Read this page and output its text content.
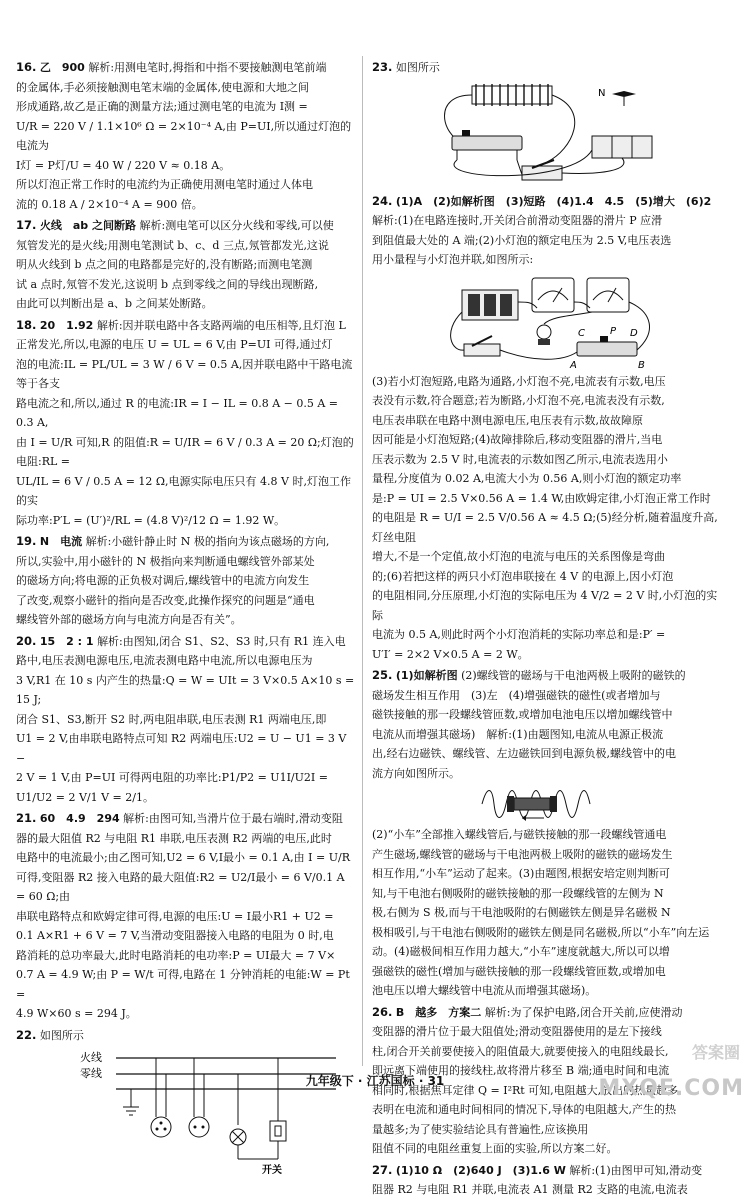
16. 乙　900 解析:用测电笔时,拇指和中指不要接触测电笔前端
的金属体,手必须接触测电笔末端的金属体,使电源和大地之间
形成通路,故乙是正确的测量方法;通过测电笔的电流为 I测 =
U/R = 220 V / 1.1×10⁶ Ω = 2×10⁻⁴ A,由 P=UI,所以通过灯泡的电流为
I灯 = P灯/U = 40 W / 220 V ≈ 0.18 A。
所以灯泡正常工作时的电流约为正确使用测电笔时通过人体电
流的 0.18 A / 2×10⁻⁴ A = 900 倍。
17. 火线　ab 之间断路 解析:测电笔可以区分火线和零线,可以使
氖管发光的是火线;用测电笔测试 b、c、d 三点,氖管都发光,这说
明从火线到 b 点之间的电路都是完好的,没有断路;而测电笔测
试 a 点时,氖管不发光,这说明 b 点到零线之间的导线出现断路,
由此可以判断出是 a、b 之间某处断路。
18. 20　1.92 解析:因并联电路中各支路两端的电压相等,且灯泡 L
正常发光,所以,电源的电压 U = UL = 6 V,由 P=UI 可得,通过灯
泡的电流:IL = PL/UL = 3 W / 6 V = 0.5 A,因并联电路中干路电流等于各支
路电流之和,所以,通过 R 的电流:IR = I − IL = 0.8 A − 0.5 A = 0.3 A,
由 I = U/R 可知,R 的阻值:R = U/IR = 6 V / 0.3 A = 20 Ω;灯泡的电阻:RL =
UL/IL = 6 V / 0.5 A = 12 Ω,电源实际电压只有 4.8 V 时,灯泡工作的实
际功率:P′L = (U′)²/RL = (4.8 V)²/12 Ω = 1.92 W。
19. N　电流 解析:小磁针静止时 N 极的指向为该点磁场的方向,
所以,实验中,用小磁针的 N 极指向来判断通电螺线管外部某处
的磁场方向;将电源的正负极对调后,螺线管中的电流方向发生
了改变,观察小磁针的指向是否改变,此操作探究的问题是“通电
螺线管外部的磁场方向与电流方向是否有关”。
20. 15　2 : 1 解析:由图知,闭合 S1、S2、S3 时,只有 R1 连入电
路中,电压表测电源电压,电流表测电路中电流,所以电源电压为
3 V,R1 在 10 s 内产生的热量:Q = W = UIt = 3 V×0.5 A×10 s = 15 J;
闭合 S1、S3,断开 S2 时,两电阻串联,电压表测 R1 两端电压,即
U1 = 2 V,由串联电路特点可知 R2 两端电压:U2 = U − U1 = 3 V −
2 V = 1 V,由 P=UI 可得两电阻的功率比:P1/P2 = U1I/U2I = U1/U2 = 2 V/1 V = 2/1。
21. 60　4.9　294 解析:由图可知,当滑片位于最右端时,滑动变阻
器的最大阻值 R2 与电阻 R1 串联,电压表测 R2 两端的电压,此时
电路中的电流最小;由乙图可知,U2 = 6 V,I最小 = 0.1 A,由 I = U/R
可得,变阻器 R2 接入电路的最大阻值:R2 = U2/I最小 = 6 V/0.1 A = 60 Ω;由
串联电路特点和欧姆定律可得,电源的电压:U = I最小R1 + U2 =
0.1 A×R1 + 6 V = 7 V,当滑动变阻器接入电路的电阻为 0 时,电
路消耗的总功率最大,此时电路消耗的电功率:P = UI最大 = 7 V×
0.7 A = 4.9 W;由 P = W/t 可得,电路在 1 分钟消耗的电能:W = Pt =
4.9 W×60 s = 294 J。
22. 如图所示
火线
零线
开关
23. 如图所示
N
24. (1)A　(2)如解析图　(3)短路　(4)1.4　4.5　(5)增大　(6)2
解析:(1)在电路连接时,开关闭合前滑动变阻器的滑片 P 应滑
到阻值最大处的 A 端;(2)小灯泡的额定电压为 2.5 V,电压表选
用小量程与小灯泡并联,如图所示:
C	D
A
P
B
(3)若小灯泡短路,电路为通路,小灯泡不亮,电流表有示数,电压
表没有示数,符合题意;若为断路,小灯泡不亮,电流表没有示数,
电压表串联在电路中测电源电压,电压表有示数,故故障原
因可能是小灯泡短路;(4)故障排除后,移动变阻器的滑片,当电
压表示数为 2.5 V 时,电流表的示数如图乙所示,电流表选用小
量程,分度值为 0.02 A,电流大小为 0.56 A,则小灯泡的额定功率
是:P = UI = 2.5 V×0.56 A = 1.4 W,由欧姆定律,小灯泡正常工作时
的电阻是 R = U/I = 2.5 V/0.56 A ≈ 4.5 Ω;(5)经分析,随着温度升高,灯丝电阻
增大,不是一个定值,故小灯泡的电流与电压的关系图像是弯曲
的;(6)若把这样的两只小灯泡串联接在 4 V 的电源上,因小灯泡
的电阻相同,分压原理,小灯泡的实际电压为 4 V/2 = 2 V 时,小灯泡的实际
电流为 0.5 A,则此时两个小灯泡消耗的实际功率总和是:P′ =
U′I′ = 2×2 V×0.5 A = 2 W。
25. (1)如解析图 (2)螺线管的磁场与干电池两极上吸附的磁铁的
磁场发生相互作用　(3)左　(4)增强磁铁的磁性(或者增加与
磁铁接触的那一段螺线管匝数,或增加电池电压以增加螺线管中
电流从而增强其磁场)　解析:(1)由题图知,电流从电源正极流
出,经右边磁铁、螺线管、左边磁铁回到电源负极,螺线管中的电
流方向如图所示。
(2)“小车”全部推入螺线管后,与磁铁接触的那一段螺线管通电
产生磁场,螺线管的磁场与干电池两极上吸附的磁铁的磁场发生
相互作用,“小车”运动了起来。(3)由题图,根据安培定则判断可
知,与干电池右侧吸附的磁铁接触的那一段螺线管的左侧为 N
极,右侧为 S 极,而与干电池吸附的右侧磁铁左侧是异名磁极 N
极相吸引,与干电池右侧吸附的磁铁左侧是同名磁极,所以“小车”向左运
动。(4)磁极间相互作用力越大,“小车”速度就越大,所以可以增
强磁铁的磁性(增加与磁铁接触的那一段螺线管匝数,或增加电
池电压以增大螺线管中电流从而增强其磁场)。
26. B　越多　方案二 解析:为了保护电路,闭合开关前,应使滑动
变阻器的滑片位于最大阻值处;滑动变阻器使用的是左下接线
柱,闭合开关前要使接入的阻值最大,就要使接入的电阻线最长,
即远离下端使用的接线柱,故将滑片移至 B 端;通电时间和电流
相同时,根据焦耳定律 Q = I²Rt 可知,电阻越大,放出的热量越多,
表明在电流和通电时间相同的情况下,导体的电阻越大,产生的热
量越多;为了使实验结论具有普遍性,应该换用
阻值不同的电阻丝重复上面的实验,所以方案二好。
27. (1)10 Ω　(2)640 J　(3)1.6 W 解析:(1)由图甲可知,滑动变
阻器 R2 与电阻 R1 并联,电流表 A1 测量 R2 支路的电流,电流表
九年级下 · 江苏国标 · 31
答案圈
MXQE.COM
